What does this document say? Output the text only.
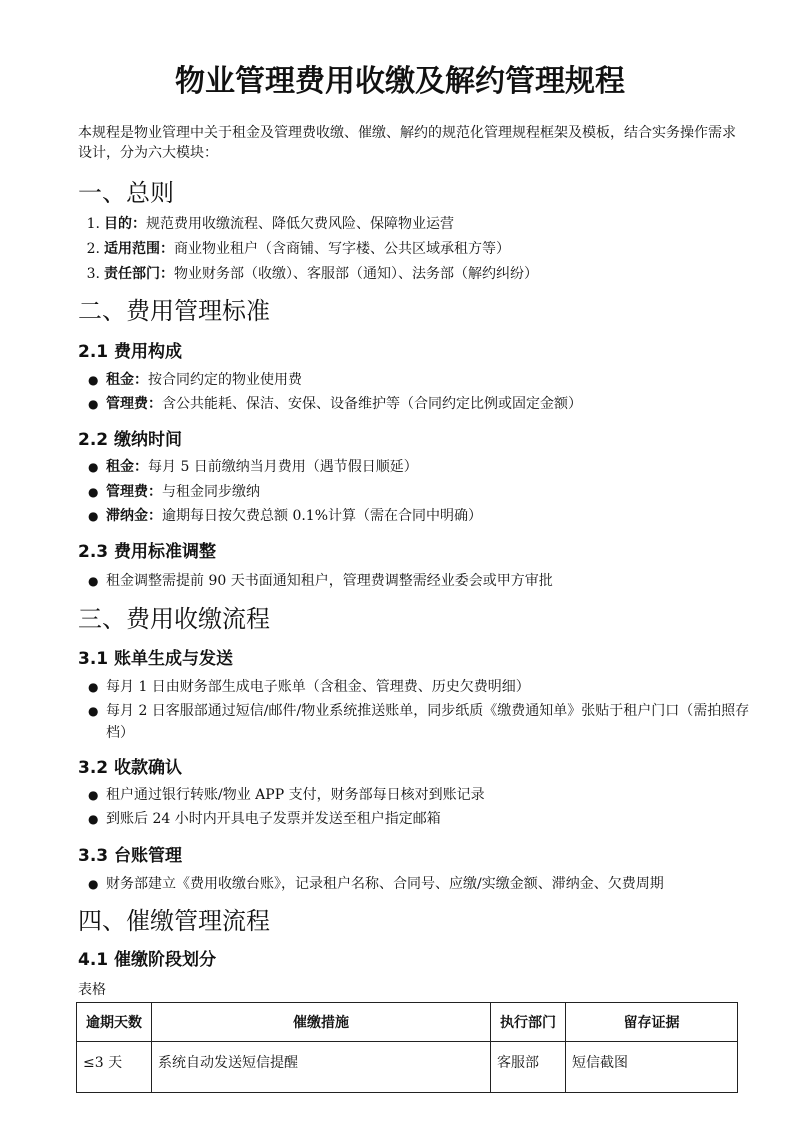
物业管理费用收缴及解约管理规程

本规程是物业管理中关于租金及管理费收缴、催缴、解约的规范化管理规程框架及模板，结合实务操作需求设计，分为六大模块：

一、总则

1. 目的：规范费用收缴流程、降低欠费风险、保障物业运营

2. 适用范围：商业物业租户（含商铺、写字楼、公共区域承租方等）

3. 责任部门：物业财务部（收缴）、客服部（通知）、法务部（解约纠纷）

二、费用管理标准
2.1 费用构成

● 租金：按合同约定的物业使用费

● 管理费：含公共能耗、保洁、安保、设备维护等（合同约定比例或固定金额）

2.2 缴纳时间

● 租金：每月 5 日前缴纳当月费用（遇节假日顺延）

● 管理费：与租金同步缴纳

● 滞纳金：逾期每日按欠费总额 0.1%计算（需在合同中明确）

2.3 费用标准调整

● 租金调整需提前 90 天书面通知租户，管理费调整需经业委会或甲方审批

三、费用收缴流程
3.1 账单生成与发送

● 每月 1 日由财务部生成电子账单（含租金、管理费、历史欠费明细）

● 每月 2 日客服部通过短信/邮件/物业系统推送账单，同步纸质《缴费通知单》张贴于租户门口（需拍照存档）

3.2 收款确认

● 租户通过银行转账/物业 APP 支付，财务部每日核对到账记录

● 到账后 24 小时内开具电子发票并发送至租户指定邮箱

3.3 台账管理

● 财务部建立《费用收缴台账》，记录租户名称、合同号、应缴/实缴金额、滞纳金、欠费周期

四、催缴管理流程
4.1 催缴阶段划分

表格

逾期天数	催缴措施	执行部门	留存证据
≤3 天	系统自动发送短信提醒	客服部	短信截图
